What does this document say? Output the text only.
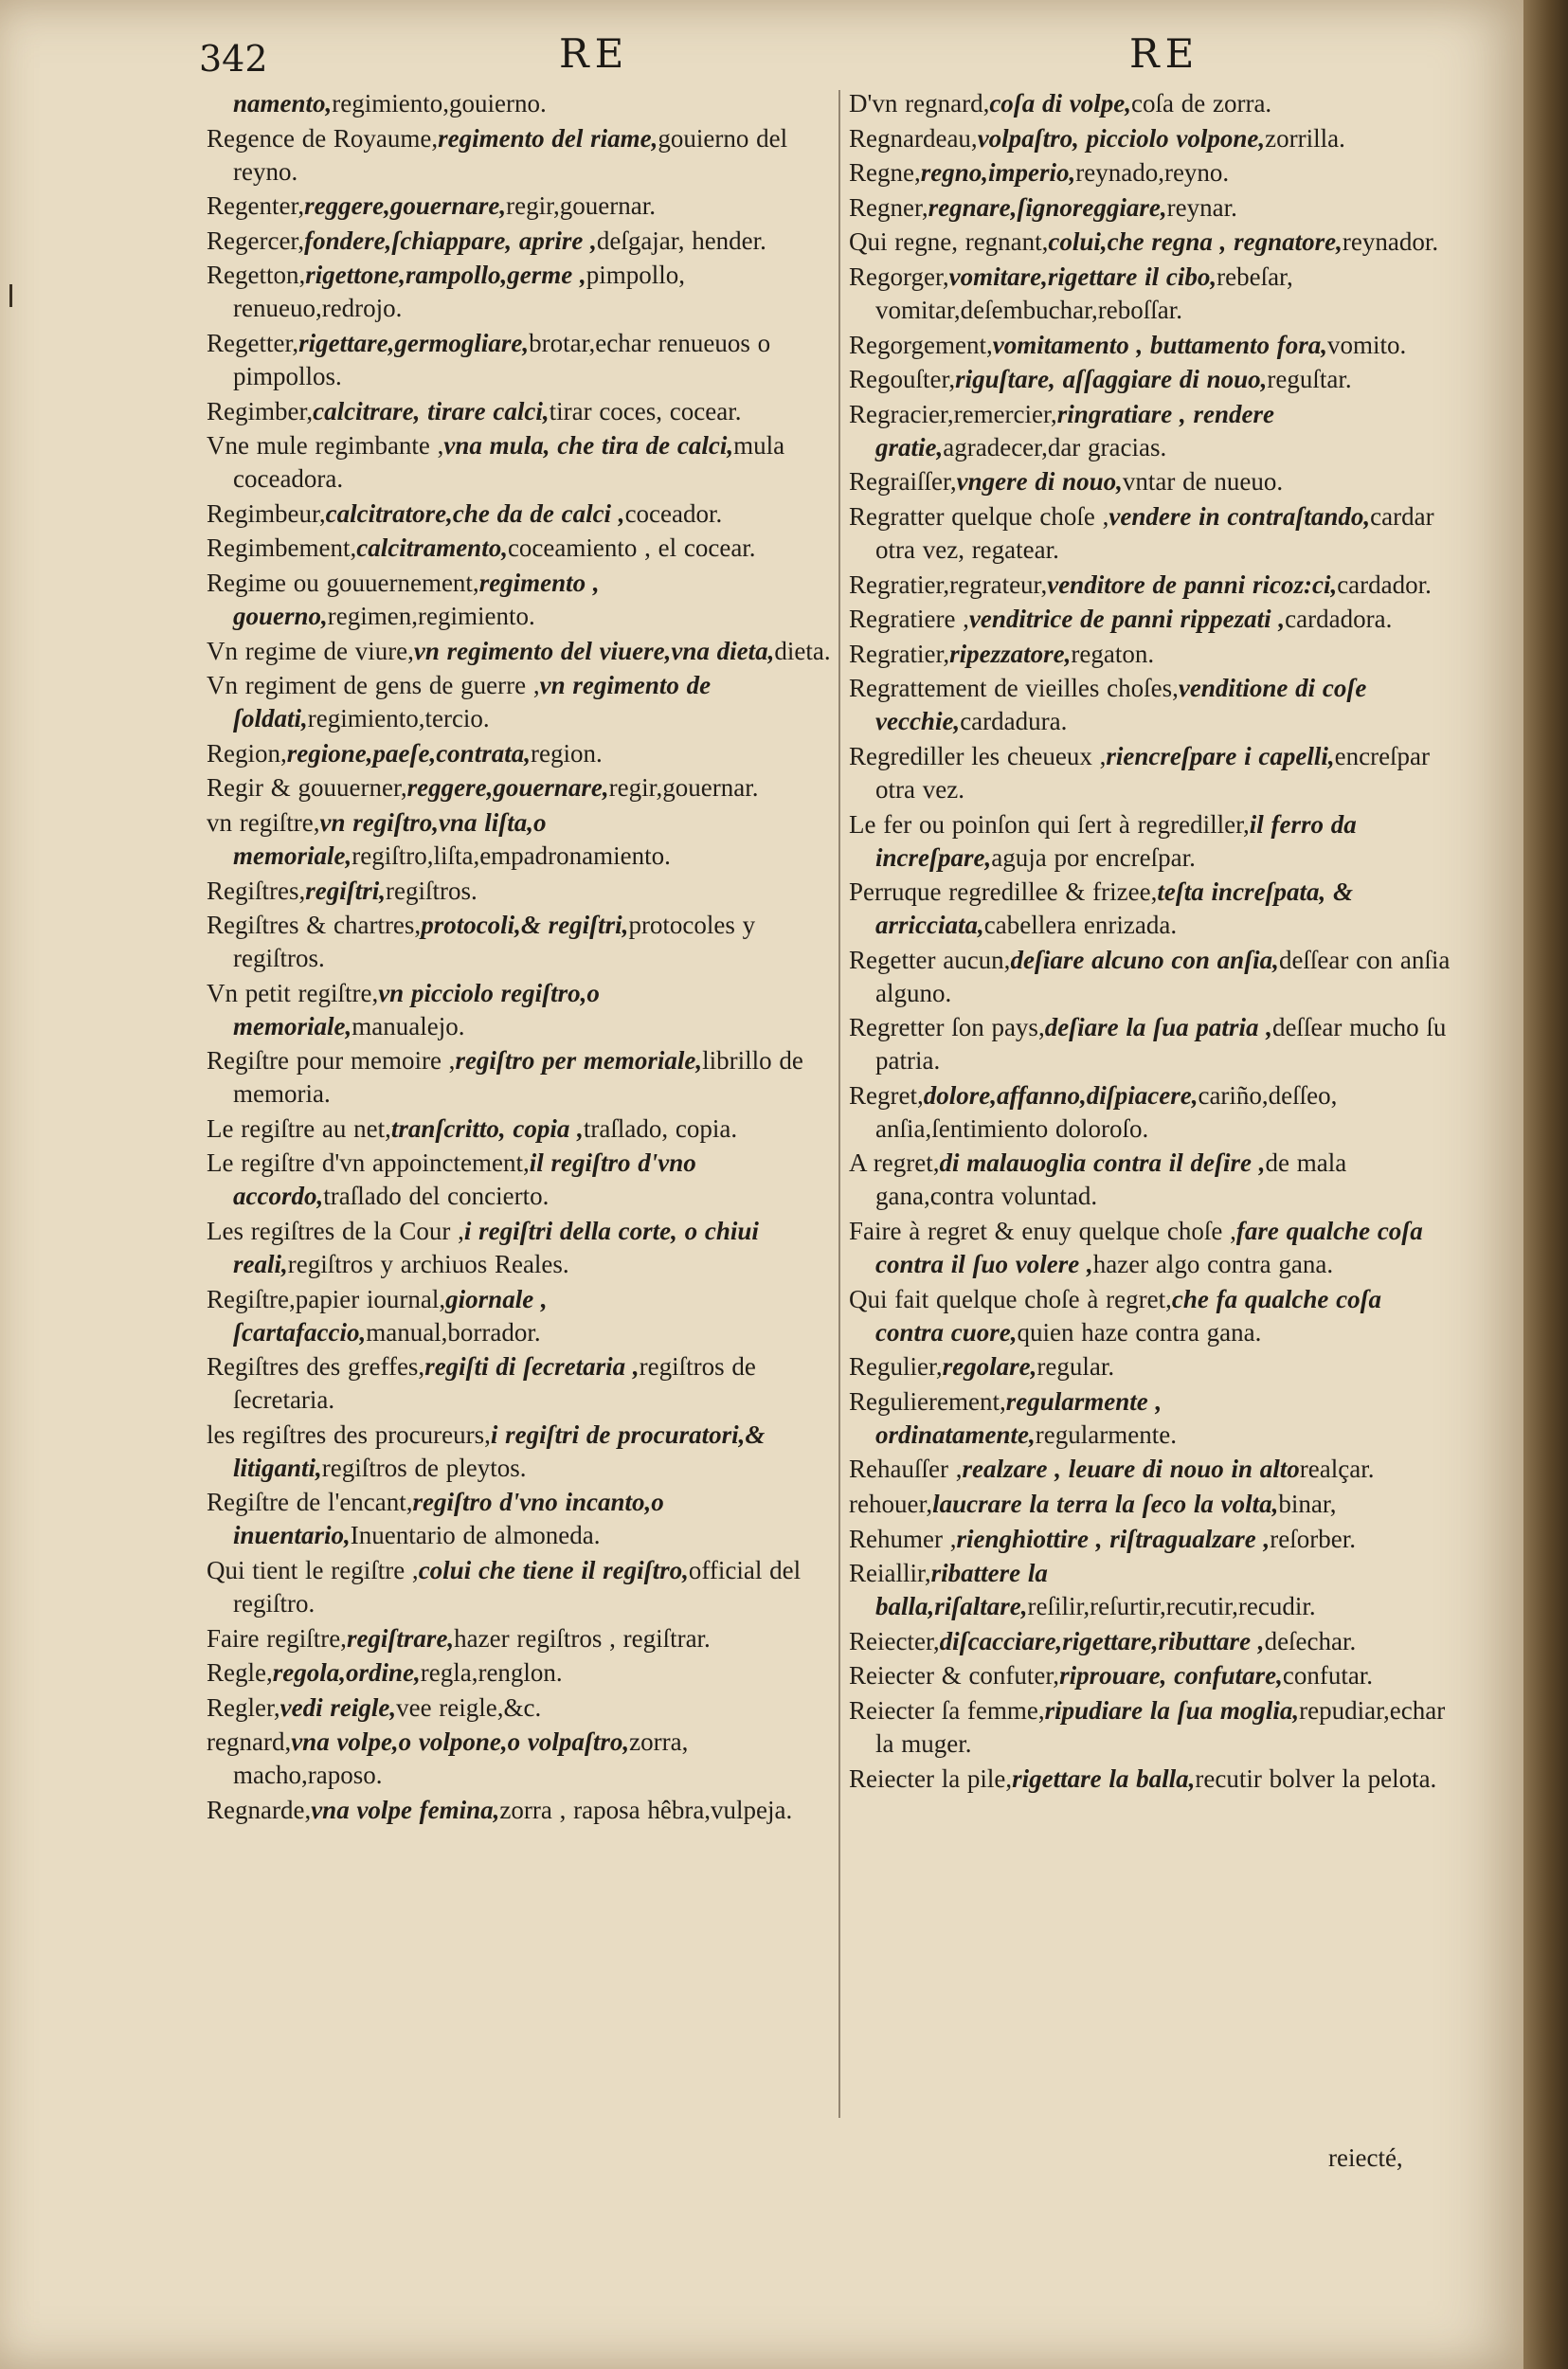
342	RE	RE

namento,regimiento,gouierno.

Regence de Royaume,regimento del riame,gouierno del reyno.

Regenter,reggere,gouernare,regir,gouernar.

Regercer,fondere,ſchiappare, aprire ,deſgajar, hender.

Regetton,rigettone,rampollo,germe ,pimpollo, renueuo,redrojo.

Regetter,rigettare,germogliare,brotar,echar renueuos o pimpollos.

Regimber,calcitrare, tirare calci,tirar coces, cocear.

Vne mule regimbante ,vna mula, che tira de calci,mula coceadora.

Regimbeur,calcitratore,che da de calci ,coceador.

Regimbement,calcitramento,coceamiento , el cocear.

Regime ou gouuernement,regimento , gouerno,regimen,regimiento.

Vn regime de viure,vn regimento del viuere,vna dieta,dieta.

Vn regiment de gens de guerre ,vn regimento de ſoldati,regimiento,tercio.

Region,regione,paeſe,contrata,region.

Regir & gouuerner,reggere,gouernare,regir,gouernar.

vn regiſtre,vn regiſtro,vna liſta,o memoriale,regiſtro,liſta,empadronamiento.

Regiſtres,regiſtri,regiſtros.

Regiſtres & chartres,protocoli,& regiſtri,protocoles y regiſtros.

Vn petit regiſtre,vn picciolo regiſtro,o memoriale,manualejo.

Regiſtre pour memoire ,regiſtro per memoriale,librillo de memoria.

Le regiſtre au net,tranſcritto, copia ,traſlado, copia.

Le regiſtre d'vn appoinctement,il regiſtro d'vno accordo,traſlado del concierto.

Les regiſtres de la Cour ,i regiſtri della corte, o chiui reali,regiſtros y archiuos Reales.

Regiſtre,papier iournal,giornale , ſcartafaccio,manual,borrador.

Regiſtres des greffes,regiſti di ſecretaria ,regiſtros de ſecretaria.

les regiſtres des procureurs,i regiſtri de procuratori,& litiganti,regiſtros de pleytos.

Regiſtre de l'encant,regiſtro d'vno incanto,o inuentario,Inuentario de almoneda.

Qui tient le regiſtre ,colui che tiene il regiſtro,official del regiſtro.

Faire regiſtre,regiſtrare,hazer regiſtros , regiſtrar.

Regle,regola,ordine,regla,renglon.

Regler,vedi reigle,vee reigle,&c.

regnard,vna volpe,o volpone,o volpaſtro,zorra, macho,raposo.

Regnarde,vna volpe femina,zorra , raposa hêbra,vulpeja.

D'vn regnard,coſa di volpe,coſa de zorra.

Regnardeau,volpaſtro, picciolo volpone,zorrilla.

Regne,regno,imperio,reynado,reyno.

Regner,regnare,ſignoreggiare,reynar.

Qui regne, regnant,colui,che regna , regnatore,reynador.

Regorger,vomitare,rigettare il cibo,rebeſar, vomitar,deſembuchar,reboſſar.

Regorgement,vomitamento , buttamento fora,vomito.

Regouſter,riguſtare, aſſaggiare di nouo,reguſtar.

Regracier,remercier,ringratiare , rendere gratie,agradecer,dar gracias.

Regraiſſer,vngere di nouo,vntar de nueuo.

Regratter quelque choſe ,vendere in contraſtando,cardar otra vez, regatear.

Regratier,regrateur,venditore de panni ricoz:ci,cardador.

Regratiere ,venditrice de panni rippezati ,cardadora.

Regratier,ripezzatore,regaton.

Regrattement de vieilles choſes,venditione di coſe vecchie,cardadura.

Regrediller les cheueux ,riencreſpare i capelli,encreſpar otra vez.

Le fer ou poinſon qui ſert à regrediller,il ferro da increſpare,aguja por encreſpar.

Perruque regredillee & frizee,teſta increſpata, & arricciata,cabellera enrizada.

Regetter aucun,deſiare alcuno con anſia,deſſear con anſia alguno.

Regretter ſon pays,deſiare la ſua patria ,deſſear mucho ſu patria.

Regret,dolore,affanno,diſpiacere,cariño,deſſeo, anſia,ſentimiento doloroſo.

A regret,di malauoglia contra il deſire ,de mala gana,contra voluntad.

Faire à regret & enuy quelque choſe ,fare qualche coſa contra il ſuo volere ,hazer algo contra gana.

Qui fait quelque choſe à regret,che fa qualche coſa contra cuore,quien haze contra gana.

Regulier,regolare,regular.

Regulierement,regularmente , ordinatamente,regularmente.

Rehauſſer ,realzare , leuare di nouo in altorealçar.

rehouer,laucrare la terra la ſeco la volta,binar,

Rehumer ,rienghiottire , riſtragualzare ,reſorber.

Reiallir,ribattere la balla,riſaltare,reſilir,reſurtir,recutir,recudir.

Reiecter,diſcacciare,rigettare,ributtare ,deſechar.

Reiecter & confuter,riprouare, confutare,confutar.

Reiecter ſa femme,ripudiare la ſua moglia,repudiar,echar la muger.

Reiecter la pile,rigettare la balla,recutir bolver la pelota.

reiecté,
